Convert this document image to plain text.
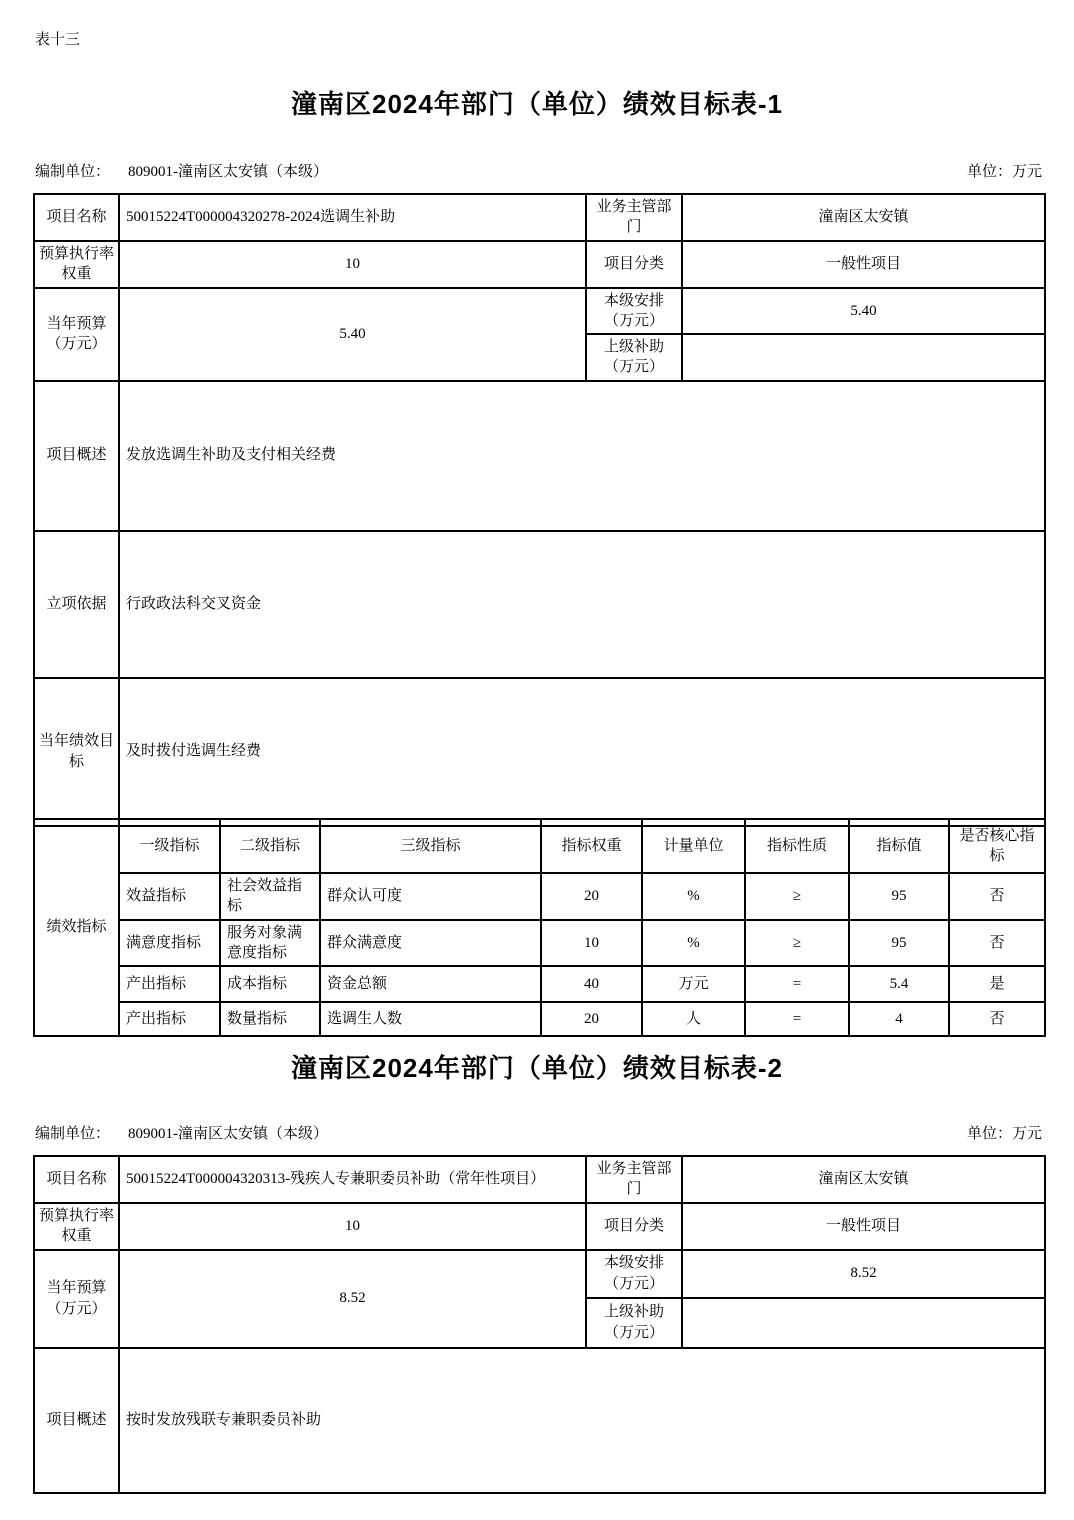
表十三
潼南区2024年部门（单位）绩效目标表-1
编制单位： 809001-潼南区太安镇（本级）	单位：万元
项目名称	50015224T000004320278-2024选调生补助	业务主管部门	潼南区太安镇
预算执行率权重	10	项目分类	一般性项目
当年预算（万元）	5.40	本级安排（万元）	5.40
		上级补助（万元）	
项目概述	发放选调生补助及支付相关经费		
立项依据	行政政法科交叉资金		
当年绩效目标	及时拨付选调生经费		
绩效指标	一级指标	二级指标	三级指标	指标权重	计量单位	指标性质	指标值	是否核心指标
	效益指标	社会效益指标	群众认可度	20	%	≥	95	否
	满意度指标	服务对象满意度指标	群众满意度	10	%	≥	95	否
	产出指标	成本指标	资金总额	40	万元	=	5.4	是
	产出指标	数量指标	选调生人数	20	人	=	4	否
潼南区2024年部门（单位）绩效目标表-2
编制单位： 809001-潼南区太安镇（本级）	单位：万元
项目名称	50015224T000004320313-残疾人专兼职委员补助（常年性项目）	业务主管部门	潼南区太安镇
预算执行率权重	10	项目分类	一般性项目
当年预算（万元）	8.52	本级安排（万元）	8.52
		上级补助（万元）	
项目概述	按时发放残联专兼职委员补助		
